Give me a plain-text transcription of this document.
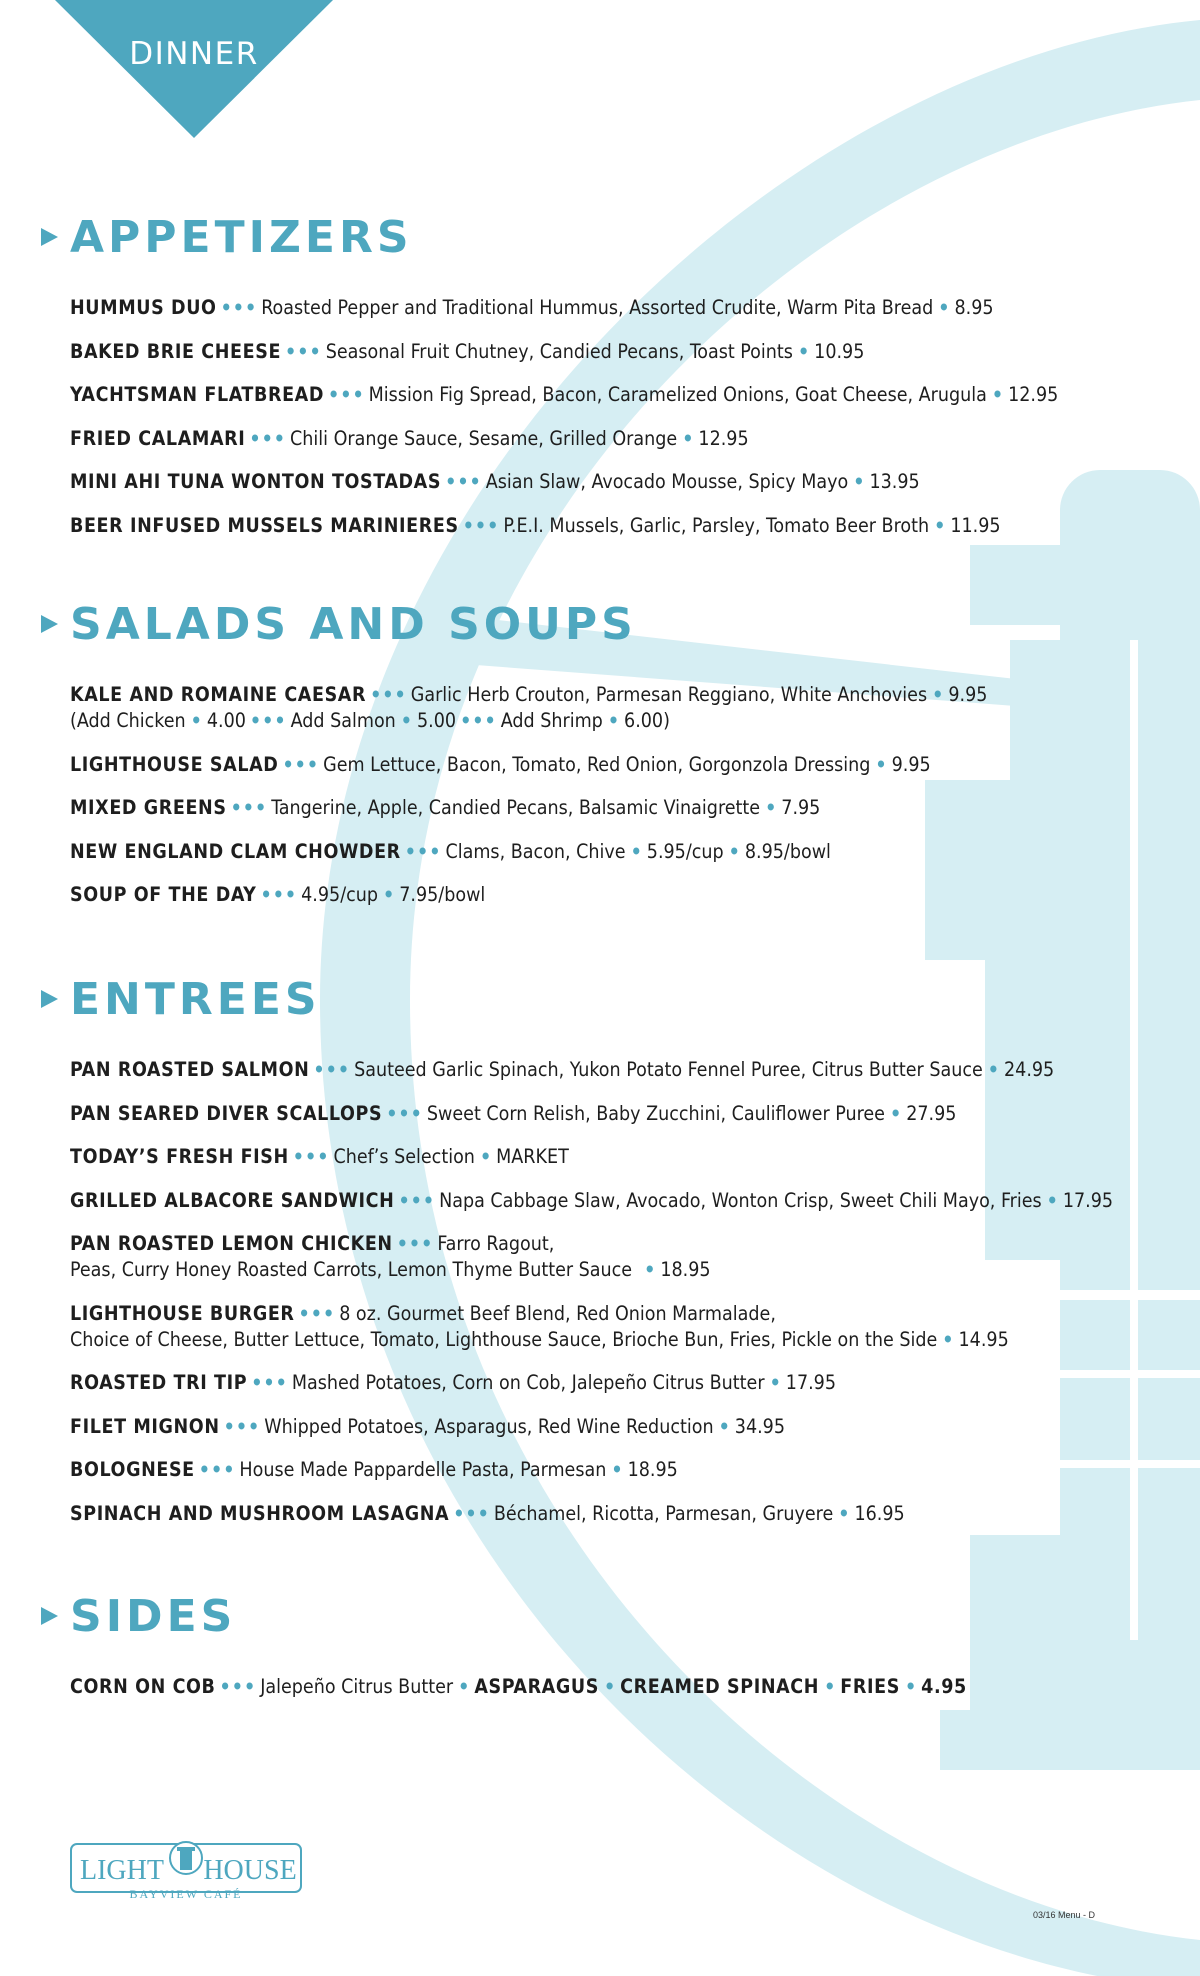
DINNER
APPETIZERS
HUMMUS DUO ••• Roasted Pepper and Traditional Hummus, Assorted Crudite, Warm Pita Bread • 8.95
BAKED BRIE CHEESE ••• Seasonal Fruit Chutney, Candied Pecans, Toast Points • 10.95
YACHTSMAN FLATBREAD ••• Mission Fig Spread, Bacon, Caramelized Onions, Goat Cheese, Arugula • 12.95
FRIED CALAMARI ••• Chili Orange Sauce, Sesame, Grilled Orange • 12.95
MINI AHI TUNA WONTON TOSTADAS ••• Asian Slaw, Avocado Mousse, Spicy Mayo • 13.95
BEER INFUSED MUSSELS MARINIERES ••• P.E.I. Mussels, Garlic, Parsley, Tomato Beer Broth • 11.95
SALADS AND SOUPS
KALE AND ROMAINE CAESAR ••• Garlic Herb Crouton, Parmesan Reggiano, White Anchovies • 9.95
(Add Chicken • 4.00 ••• Add Salmon • 5.00 ••• Add Shrimp • 6.00)
LIGHTHOUSE SALAD ••• Gem Lettuce, Bacon, Tomato, Red Onion, Gorgonzola Dressing • 9.95
MIXED GREENS ••• Tangerine, Apple, Candied Pecans, Balsamic Vinaigrette • 7.95
NEW ENGLAND CLAM CHOWDER ••• Clams, Bacon, Chive • 5.95/cup • 8.95/bowl
SOUP OF THE DAY ••• 4.95/cup • 7.95/bowl
ENTREES
PAN ROASTED SALMON ••• Sauteed Garlic Spinach, Yukon Potato Fennel Puree, Citrus Butter Sauce • 24.95
PAN SEARED DIVER SCALLOPS ••• Sweet Corn Relish, Baby Zucchini, Cauliflower Puree • 27.95
TODAY’S FRESH FISH ••• Chef’s Selection • MARKET
GRILLED ALBACORE SANDWICH ••• Napa Cabbage Slaw, Avocado, Wonton Crisp, Sweet Chili Mayo, Fries • 17.95
PAN ROASTED LEMON CHICKEN ••• Farro Ragout,
Peas, Curry Honey Roasted Carrots, Lemon Thyme Butter Sauce • 18.95
LIGHTHOUSE BURGER ••• 8 oz. Gourmet Beef Blend, Red Onion Marmalade,
Choice of Cheese, Butter Lettuce, Tomato, Lighthouse Sauce, Brioche Bun, Fries, Pickle on the Side • 14.95
ROASTED TRI TIP ••• Mashed Potatoes, Corn on Cob, Jalepeño Citrus Butter • 17.95
FILET MIGNON ••• Whipped Potatoes, Asparagus, Red Wine Reduction • 34.95
BOLOGNESE ••• House Made Pappardelle Pasta, Parmesan • 18.95
SPINACH AND MUSHROOM LASAGNA ••• Béchamel, Ricotta, Parmesan, Gruyere • 16.95
SIDES
CORN ON COB ••• Jalepeño Citrus Butter • ASPARAGUS • CREAMED SPINACH • FRIES • 4.95
LIGHT HOUSE
BAYVIEW CAFÉ
03/16 Menu - D
